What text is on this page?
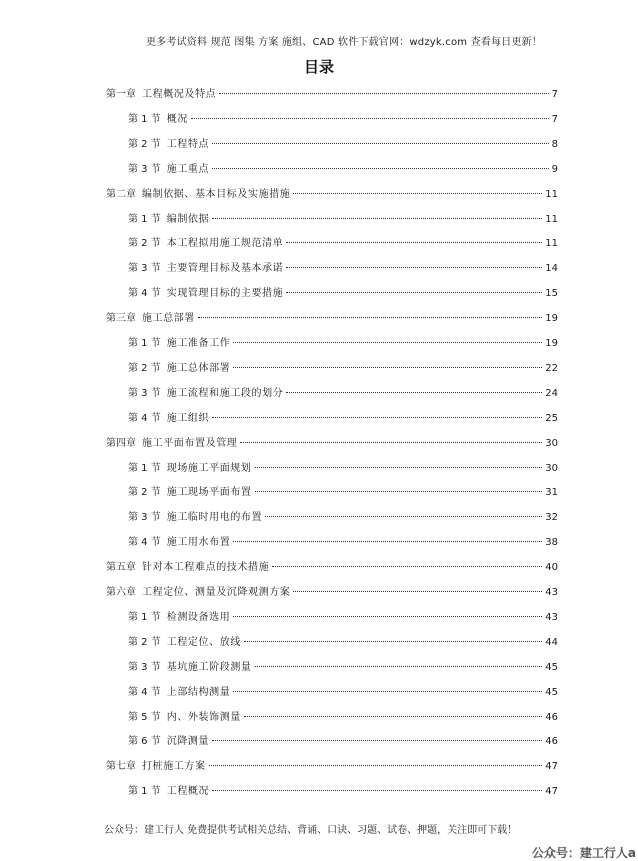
更多考试资料 规范 图集 方案 施组、CAD 软件下载官网：wdzyk.com 查看每日更新！
目录
第一章 工程概况及特点	7
第 1 节 概况	7
第 2 节 工程特点	8
第 3 节 施工重点	9
第二章 编制依据、基本目标及实施措施	11
第 1 节 编制依据	11
第 2 节 本工程拟用施工规范清单	11
第 3 节 主要管理目标及基本承诺	14
第 4 节 实现管理目标的主要措施	15
第三章 施工总部署	19
第 1 节 施工准备工作	19
第 2 节 施工总体部署	22
第 3 节 施工流程和施工段的划分	24
第 4 节 施工组织	25
第四章 施工平面布置及管理	30
第 1 节 现场施工平面规划	30
第 2 节 施工现场平面布置	31
第 3 节 施工临时用电的布置	32
第 4 节 施工用水布置	38
第五章 针对本工程难点的技术措施	40
第六章 工程定位、测量及沉降观测方案	43
第 1 节 检测设备选用	43
第 2 节 工程定位、放线	44
第 3 节 基坑施工阶段测量	45
第 4 节 上部结构测量	45
第 5 节 内、外装饰测量	46
第 6 节 沉降测量	46
第七章 打桩施工方案	47
第 1 节 工程概况	47
公众号：建工行人 免费提供考试相关总结、背诵、口诀、习题、试卷、押题，关注即可下载！
公众号：建工行人a
